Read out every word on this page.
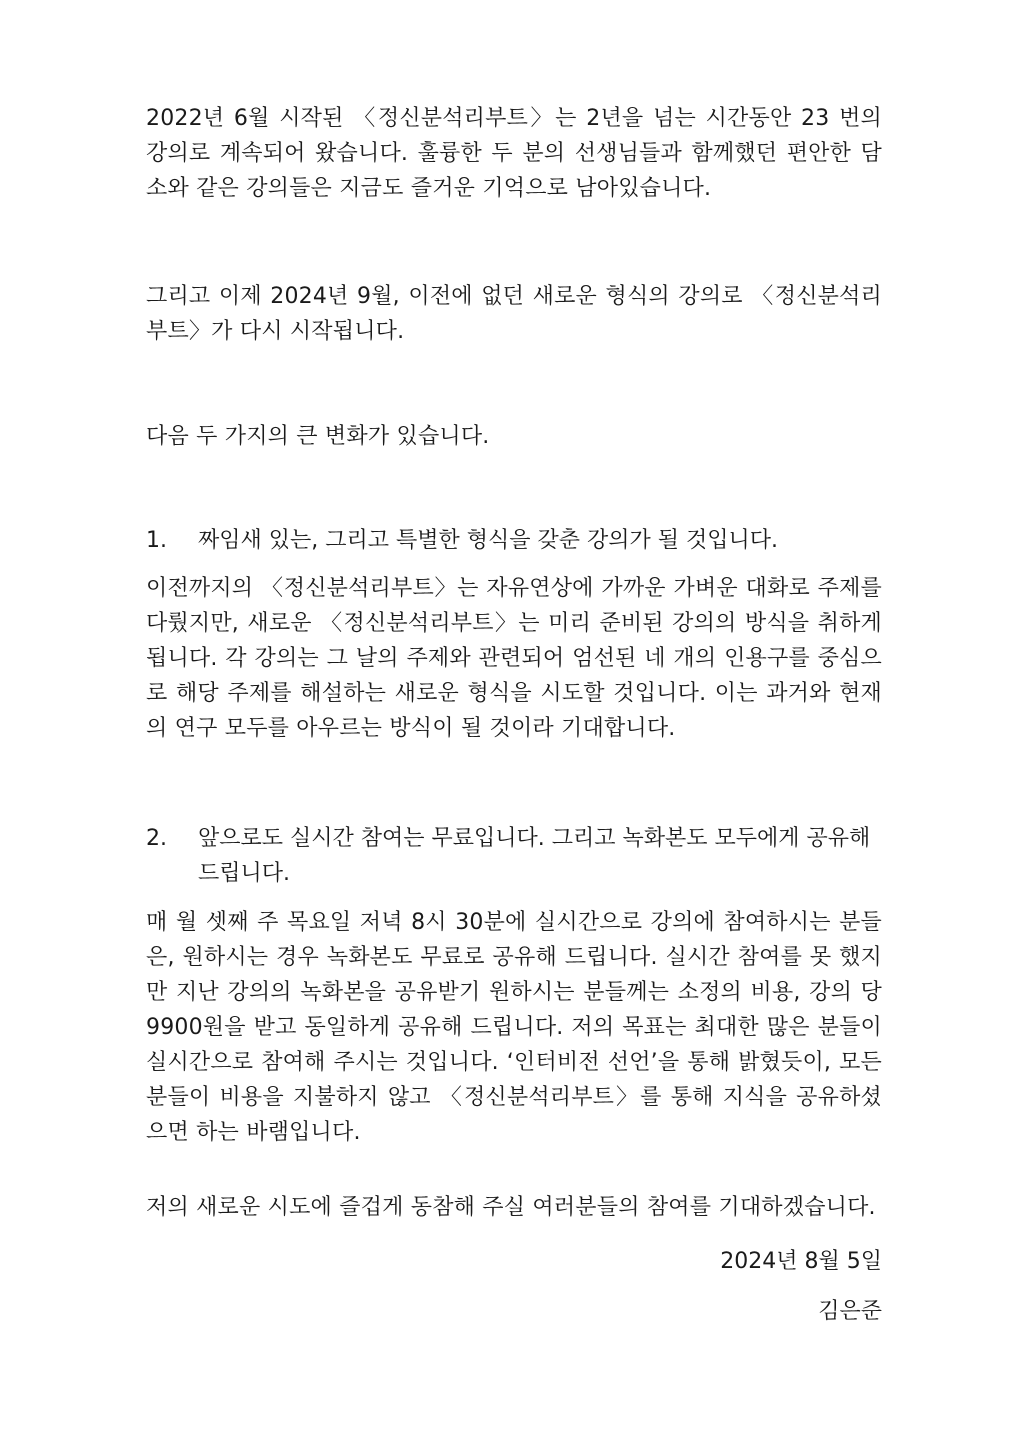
2022년 6월 시작된 〈정신분석리부트〉는 2년을 넘는 시간동안 23 번의 강의로 계속되어 왔습니다. 훌륭한 두 분의 선생님들과 함께했던 편안한 담소와 같은 강의들은 지금도 즐거운 기억으로 남아있습니다.

그리고 이제 2024년 9월, 이전에 없던 새로운 형식의 강의로 〈정신분석리부트〉가 다시 시작됩니다.

다음 두 가지의 큰 변화가 있습니다.

1.	짜임새 있는, 그리고 특별한 형식을 갖춘 강의가 될 것입니다.

이전까지의 〈정신분석리부트〉는 자유연상에 가까운 가벼운 대화로 주제를 다뤘지만, 새로운 〈정신분석리부트〉는 미리 준비된 강의의 방식을 취하게 됩니다. 각 강의는 그 날의 주제와 관련되어 엄선된 네 개의 인용구를 중심으로 해당 주제를 해설하는 새로운 형식을 시도할 것입니다. 이는 과거와 현재의 연구 모두를 아우르는 방식이 될 것이라 기대합니다.

2.	앞으로도 실시간 참여는 무료입니다. 그리고 녹화본도 모두에게 공유해 드립니다.

매 월 셋째 주 목요일 저녁 8시 30분에 실시간으로 강의에 참여하시는 분들은, 원하시는 경우 녹화본도 무료로 공유해 드립니다. 실시간 참여를 못 했지만 지난 강의의 녹화본을 공유받기 원하시는 분들께는 소정의 비용, 강의 당 9900원을 받고 동일하게 공유해 드립니다. 저의 목표는 최대한 많은 분들이 실시간으로 참여해 주시는 것입니다. ‘인터비전 선언’을 통해 밝혔듯이, 모든 분들이 비용을 지불하지 않고 〈정신분석리부트〉를 통해 지식을 공유하셨으면 하는 바램입니다.

저의 새로운 시도에 즐겁게 동참해 주실 여러분들의 참여를 기대하겠습니다.

2024년 8월 5일
김은준
